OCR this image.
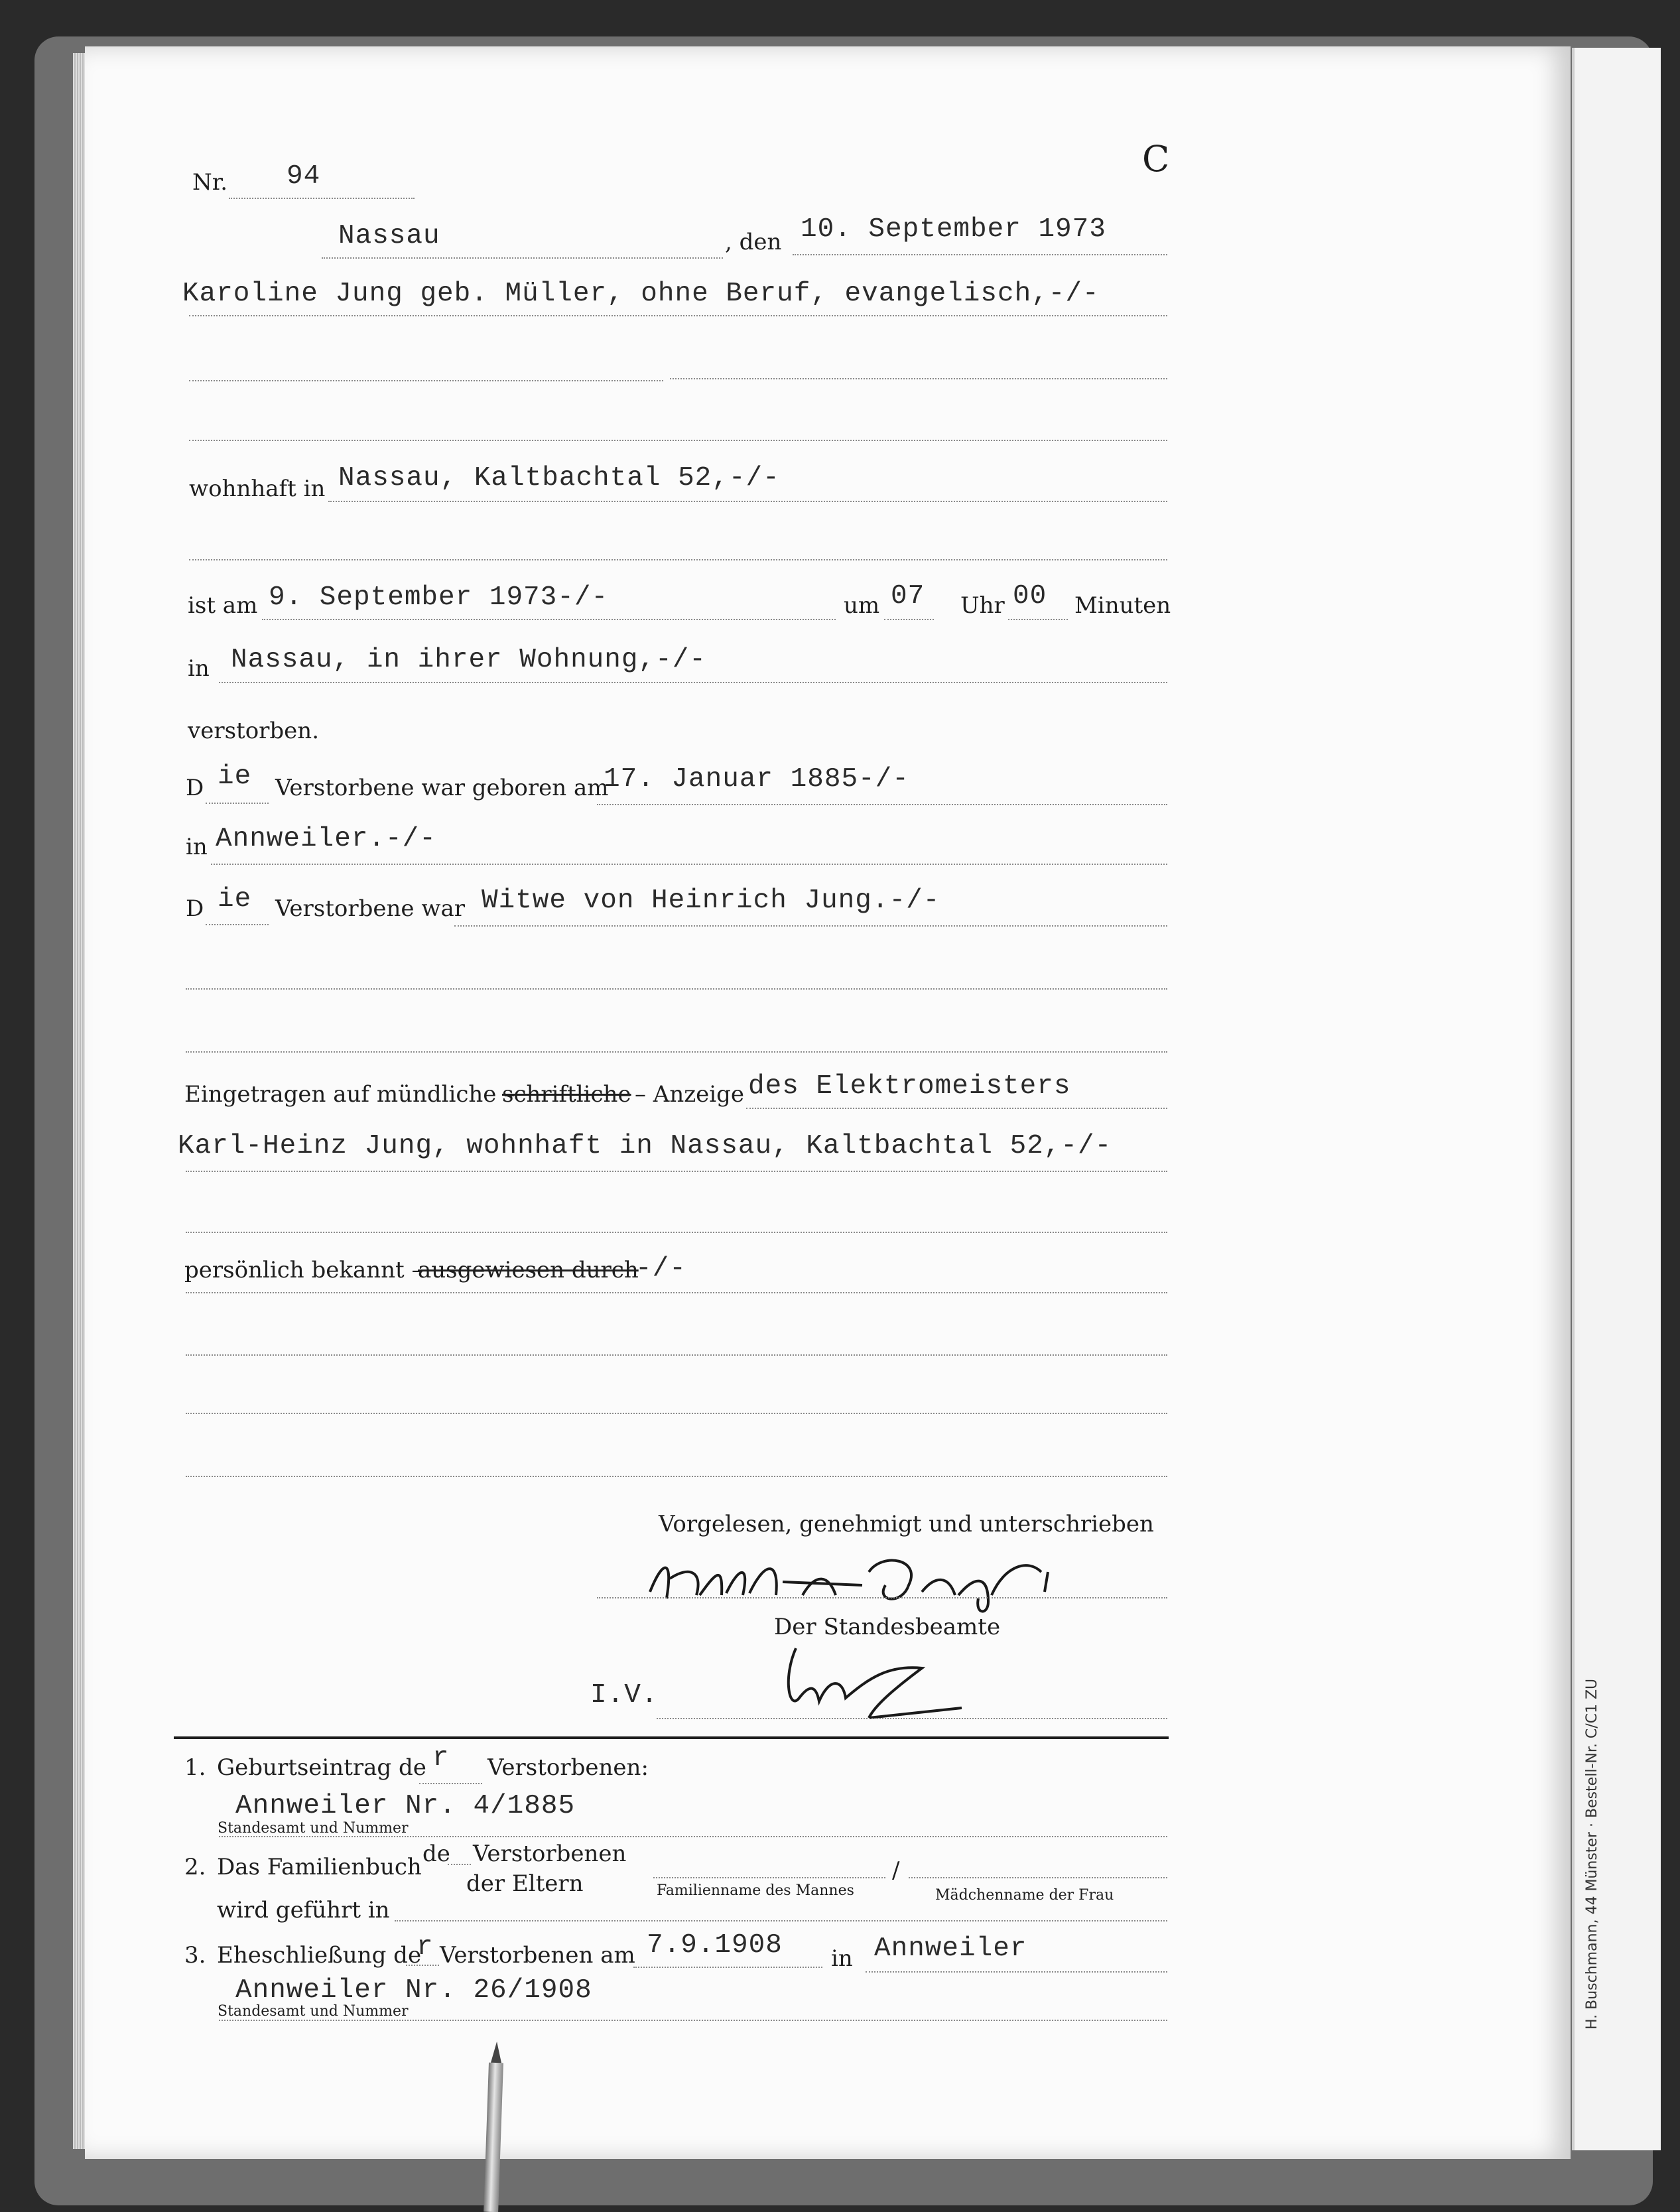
Nr. 94	C
Nassau	, den 10. September 1973
Karoline Jung geb. Müller, ohne Beruf, evangelisch,-/-
wohnhaft in Nassau, Kaltbachtal 52,-/-
ist am 9. September 1973-/-	um 07 Uhr 00 Minuten
in Nassau, in ihrer Wohnung,-/-
verstorben.
D ie Verstorbene war geboren am
17. Januar 1885-/-
in Annweiler.-/-
D ie Verstorbene war Witwe von Heinrich Jung.-/-
Eingetragen auf mündliche –
schriftliche – Anzeige des Elektromeisters
Karl-Heinz Jung, wohnhaft in Nassau, Kaltbachtal 52,-/-
persönlich bekannt –
ausgewiesen durch
-/-
Vorgelesen, genehmigt und unterschrieben
Der Standesbeamte
I.V.
1. Geburtseintrag de r Verstorbenen:
Annweiler Nr. 4/1885
Standesamt und Nummer
2. Das Familienbuch de Verstorbenen
der Eltern	Familienname des Mannes
/
Mädchenname der Frau
wird geführt in
3. Eheschließung de
r Verstorbenen am 7.9.1908 in Annweiler
Annweiler Nr. 26/1908
Standesamt und Nummer	H. Buschmann, 44 Münster · Bestell-Nr. C/C1 ZU
